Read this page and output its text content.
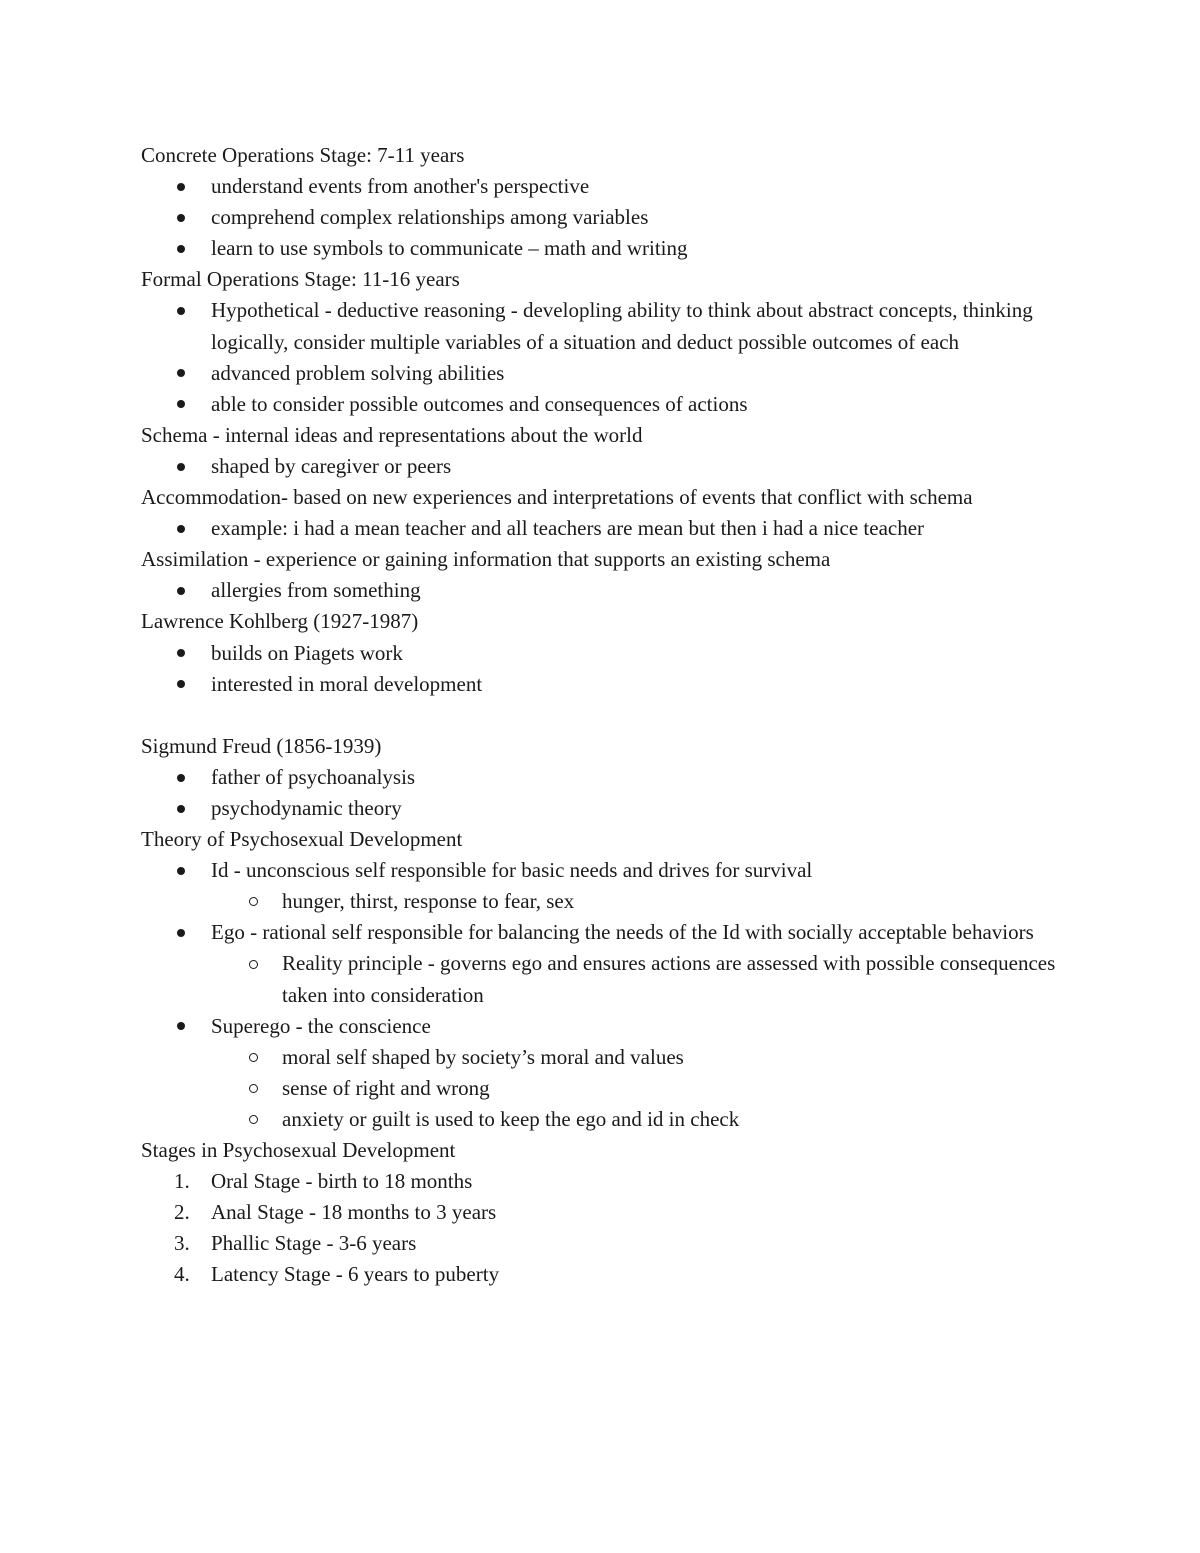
Concrete Operations Stage: 7-11 years

understand events from another's perspective
comprehend complex relationships among variables
learn to use symbols to communicate – math and writing

Formal Operations Stage: 11-16 years

Hypothetical - deductive reasoning - developling ability to think about abstract concepts, thinking logically, consider multiple variables of a situation and deduct possible outcomes of each
advanced problem solving abilities
able to consider possible outcomes and consequences of actions

Schema - internal ideas and representations about the world

shaped by caregiver or peers

Accommodation- based on new experiences and interpretations of events that conflict with schema

example: i had a mean teacher and all teachers are mean but then i had a nice teacher

Assimilation - experience or gaining information that supports an existing schema

allergies from something

Lawrence Kohlberg (1927-1987)

builds on Piagets work
interested in moral development

Sigmund Freud (1856-1939)

father of psychoanalysis
psychodynamic theory

Theory of Psychosexual Development

Id - unconscious self responsible for basic needs and drives for survival
hunger, thirst, response to fear, sex
Ego - rational self responsible for balancing the needs of the Id with socially acceptable behaviors
Reality principle - governs ego and ensures actions are assessed with possible consequences taken into consideration
Superego - the conscience
moral self shaped by society’s moral and values
sense of right and wrong
anxiety or guilt is used to keep the ego and id in check

Stages in Psychosexual Development

1. Oral Stage - birth to 18 months
2. Anal Stage - 18 months to 3 years
3. Phallic Stage - 3-6 years
4. Latency Stage - 6 years to puberty
